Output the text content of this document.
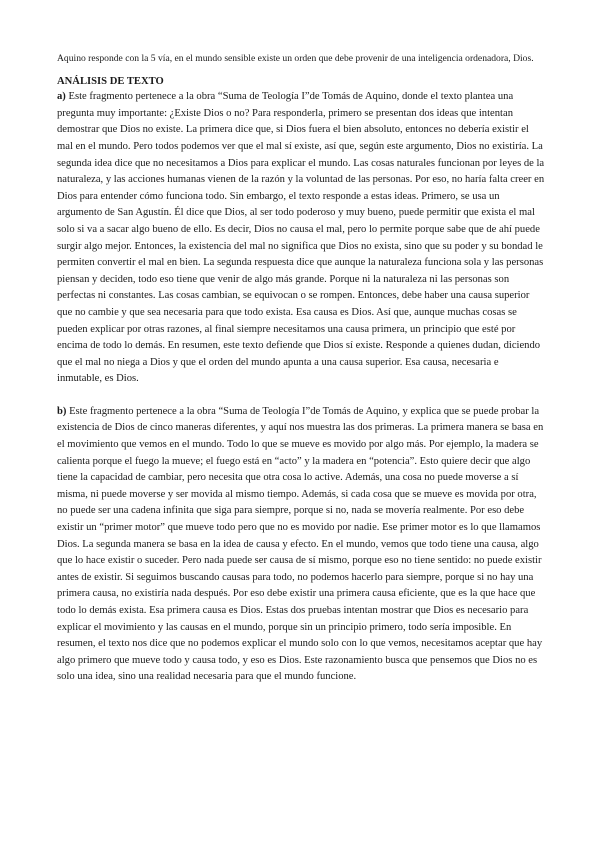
Aquino responde con la 5 vía, en el mundo sensible existe un orden que debe provenir de una inteligencia ordenadora, Dios.

ANÁLISIS DE TEXTO

a) Este fragmento pertenece a la obra “Suma de Teología I”de Tomás de Aquino, donde el texto plantea una pregunta muy importante: ¿Existe Dios o no? Para responderla, primero se presentan dos ideas que intentan demostrar que Dios no existe. La primera dice que, si Dios fuera el bien absoluto, entonces no debería existir el mal en el mundo. Pero todos podemos ver que el mal sí existe, así que, según este argumento, Dios no existiría. La segunda idea dice que no necesitamos a Dios para explicar el mundo. Las cosas naturales funcionan por leyes de la naturaleza, y las acciones humanas vienen de la razón y la voluntad de las personas. Por eso, no haría falta creer en Dios para entender cómo funciona todo. Sin embargo, el texto responde a estas ideas. Primero, se usa un argumento de San Agustín. Él dice que Dios, al ser todo poderoso y muy bueno, puede permitir que exista el mal solo si va a sacar algo bueno de ello. Es decir, Dios no causa el mal, pero lo permite porque sabe que de ahí puede surgir algo mejor. Entonces, la existencia del mal no significa que Dios no exista, sino que su poder y su bondad le permiten convertir el mal en bien. La segunda respuesta dice que aunque la naturaleza funciona sola y las personas piensan y deciden, todo eso tiene que venir de algo más grande. Porque ni la naturaleza ni las personas son perfectas ni constantes. Las cosas cambian, se equivocan o se rompen. Entonces, debe haber una causa superior que no cambie y que sea necesaria para que todo exista. Esa causa es Dios. Así que, aunque muchas cosas se pueden explicar por otras razones, al final siempre necesitamos una causa primera, un principio que esté por encima de todo lo demás. En resumen, este texto defiende que Dios sí existe. Responde a quienes dudan, diciendo que el mal no niega a Dios y que el orden del mundo apunta a una causa superior. Esa causa, necesaria e inmutable, es Dios.

b) Este fragmento pertenece a la obra “Suma de Teología I”de Tomás de Aquino, y explica que se puede probar la existencia de Dios de cinco maneras diferentes, y aquí nos muestra las dos primeras. La primera manera se basa en el movimiento que vemos en el mundo. Todo lo que se mueve es movido por algo más. Por ejemplo, la madera se calienta porque el fuego la mueve; el fuego está en “acto” y la madera en “potencia”. Esto quiere decir que algo tiene la capacidad de cambiar, pero necesita que otra cosa lo active. Además, una cosa no puede moverse a sí misma, ni puede moverse y ser movida al mismo tiempo. Además, si cada cosa que se mueve es movida por otra, no puede ser una cadena infinita que siga para siempre, porque si no, nada se movería realmente. Por eso debe existir un “primer motor” que mueve todo pero que no es movido por nadie. Ese primer motor es lo que llamamos Dios. La segunda manera se basa en la idea de causa y efecto. En el mundo, vemos que todo tiene una causa, algo que lo hace existir o suceder. Pero nada puede ser causa de sí mismo, porque eso no tiene sentido: no puede existir antes de existir. Si seguimos buscando causas para todo, no podemos hacerlo para siempre, porque si no hay una primera causa, no existiría nada después. Por eso debe existir una primera causa eficiente, que es la que hace que todo lo demás exista. Esa primera causa es Dios. Estas dos pruebas intentan mostrar que Dios es necesario para explicar el movimiento y las causas en el mundo, porque sin un principio primero, todo sería imposible. En resumen, el texto nos dice que no podemos explicar el mundo solo con lo que vemos, necesitamos aceptar que hay algo primero que mueve todo y causa todo, y eso es Dios. Este razonamiento busca que pensemos que Dios no es solo una idea, sino una realidad necesaria para que el mundo funcione.
